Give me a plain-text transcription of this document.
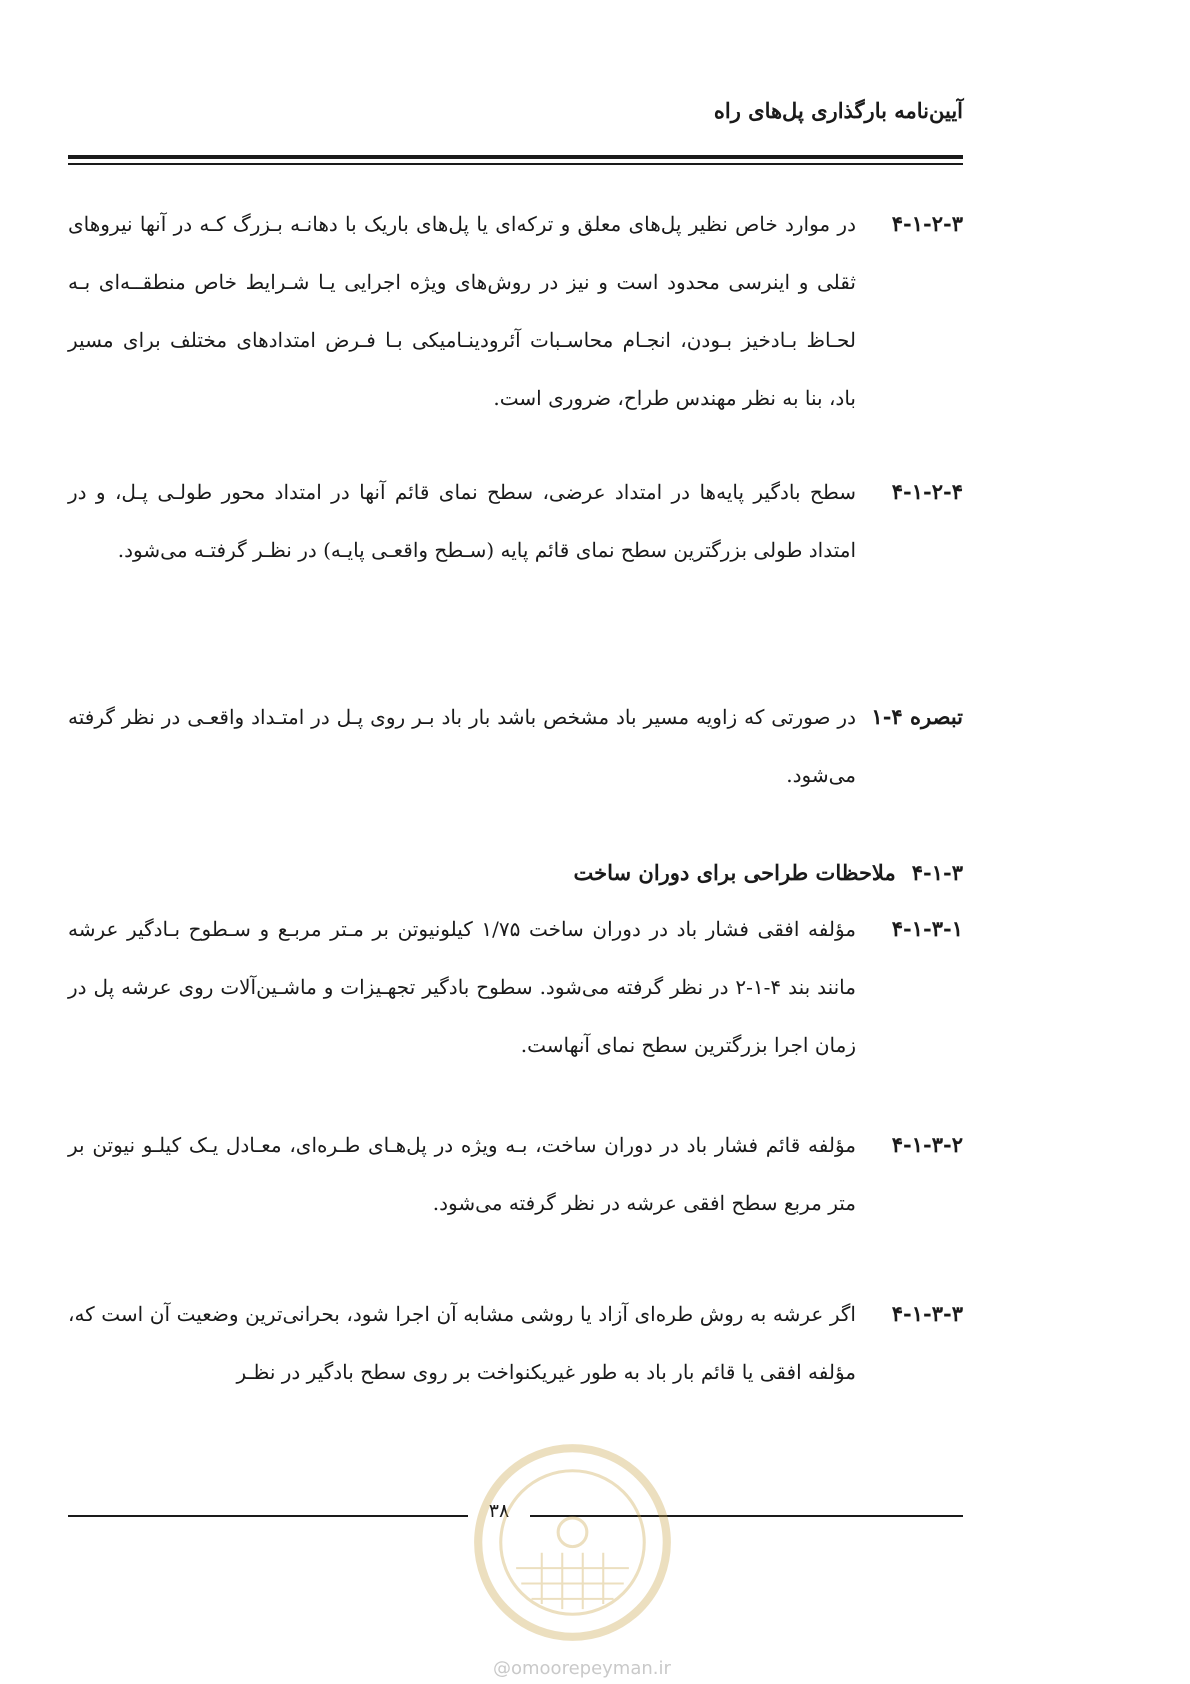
آیین‌نامه بارگذاری پل‌های راه
۴-۱-۲-۳
در موارد خاص نظیر پل‌های معلق و ترکه‌ای یا پل‌های باریک با دهانـه بـزرگ کـه در آنها نیروهای ثقلی و اینرسی محدود است و نیز در روش‌های ویژه اجرایی یـا شـرایط خاص منطقــه‌ای بـه لحـاظ بـادخیز بـودن، انجـام محاسـبات آئرودینـامیکی بـا فـرض امتدادهای مختلف برای مسیر باد، بنا به نظر مهندس طراح، ضروری است.
۴-۱-۲-۴
سطح بادگیر پایه‌ها در امتداد عرضی، سطح نمای قائم آنها در امتداد محور طولـی پـل، و در امتداد طولی بزرگترین سطح نمای قائم پایه (سـطح واقعـی پایـه) در نظـر گرفتـه می‌شود.
تبصره ۴-۱
در صورتی که زاویه مسیر باد مشخص باشد بار باد بـر روی پـل در امتـداد واقعـی در نظر گرفته می‌شود.
۴-۱-۳ملاحظات طراحی برای دوران ساخت
۴-۱-۳-۱
مؤلفه افقی فشار باد در دوران ساخت ۱/۷۵ کیلونیوتن بر مـتر مربـع و سـطوح بـادگیر عرشه مانند بند ۴-۱-۲ در نظر گرفته می‌شود. سطوح بادگیر تجهـیزات و ماشـین‌آلات روی عرشه پل در زمان اجرا بزرگترین سطح نمای آنهاست.
۴-۱-۳-۲
مؤلفه قائم فشار باد در دوران ساخت، بـه ویژه در پل‌هـای طـره‌ای، معـادل یـک کیلـو نیوتن بر متر مربع سطح افقی عرشه در نظر گرفته می‌شود.
۴-۱-۳-۳
اگر عرشه به روش طره‌ای آزاد یا روشی مشابه آن اجرا شود، بحرانی‌ترین وضعیت آن است که، مؤلفه افقی یا قائم بار باد به طور غیریکنواخت بر روی سطح بادگیر در نظـر
۳۸
@omoorepeyman.ir
